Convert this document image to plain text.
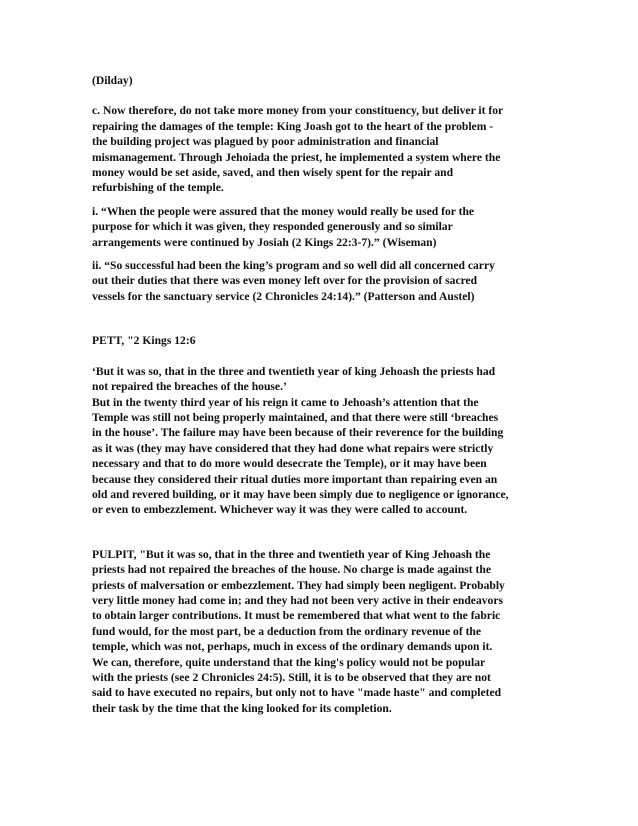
(Dilday)
c. Now therefore, do not take more money from your constituency, but deliver it for
repairing the damages of the temple: King Joash got to the heart of the problem -
the building project was plagued by poor administration and financial
mismanagement. Through Jehoiada the priest, he implemented a system where the
money would be set aside, saved, and then wisely spent for the repair and
refurbishing of the temple.
i. “When the people were assured that the money would really be used for the
purpose for which it was given, they responded generously and so similar
arrangements were continued by Josiah (2 Kings 22:3-7).” (Wiseman)
ii. “So successful had been the king’s program and so well did all concerned carry
out their duties that there was even money left over for the provision of sacred
vessels for the sanctuary service (2 Chronicles 24:14).” (Patterson and Austel)
PETT, "2 Kings 12:6
‘But it was so, that in the three and twentieth year of king Jehoash the priests had
not repaired the breaches of the house.’
But in the twenty third year of his reign it came to Jehoash’s attention that the
Temple was still not being properly maintained, and that there were still ‘breaches
in the house’. The failure may have been because of their reverence for the building
as it was (they may have considered that they had done what repairs were strictly
necessary and that to do more would desecrate the Temple), or it may have been
because they considered their ritual duties more important than repairing even an
old and revered building, or it may have been simply due to negligence or ignorance,
or even to embezzlement. Whichever way it was they were called to account.
PULPIT, "But it was so, that in the three and twentieth year of King Jehoash the
priests had not repaired the breaches of the house. No charge is made against the
priests of malversation or embezzlement. They had simply been negligent. Probably
very little money had come in; and they had not been very active in their endeavors
to obtain larger contributions. It must be remembered that what went to the fabric
fund would, for the most part, be a deduction from the ordinary revenue of the
temple, which was not, perhaps, much in excess of the ordinary demands upon it.
We can, therefore, quite understand that the king's policy would not be popular
with the priests (see 2 Chronicles 24:5). Still, it is to be observed that they are not
said to have executed no repairs, but only not to have "made haste" and completed
their task by the time that the king looked for its completion.
